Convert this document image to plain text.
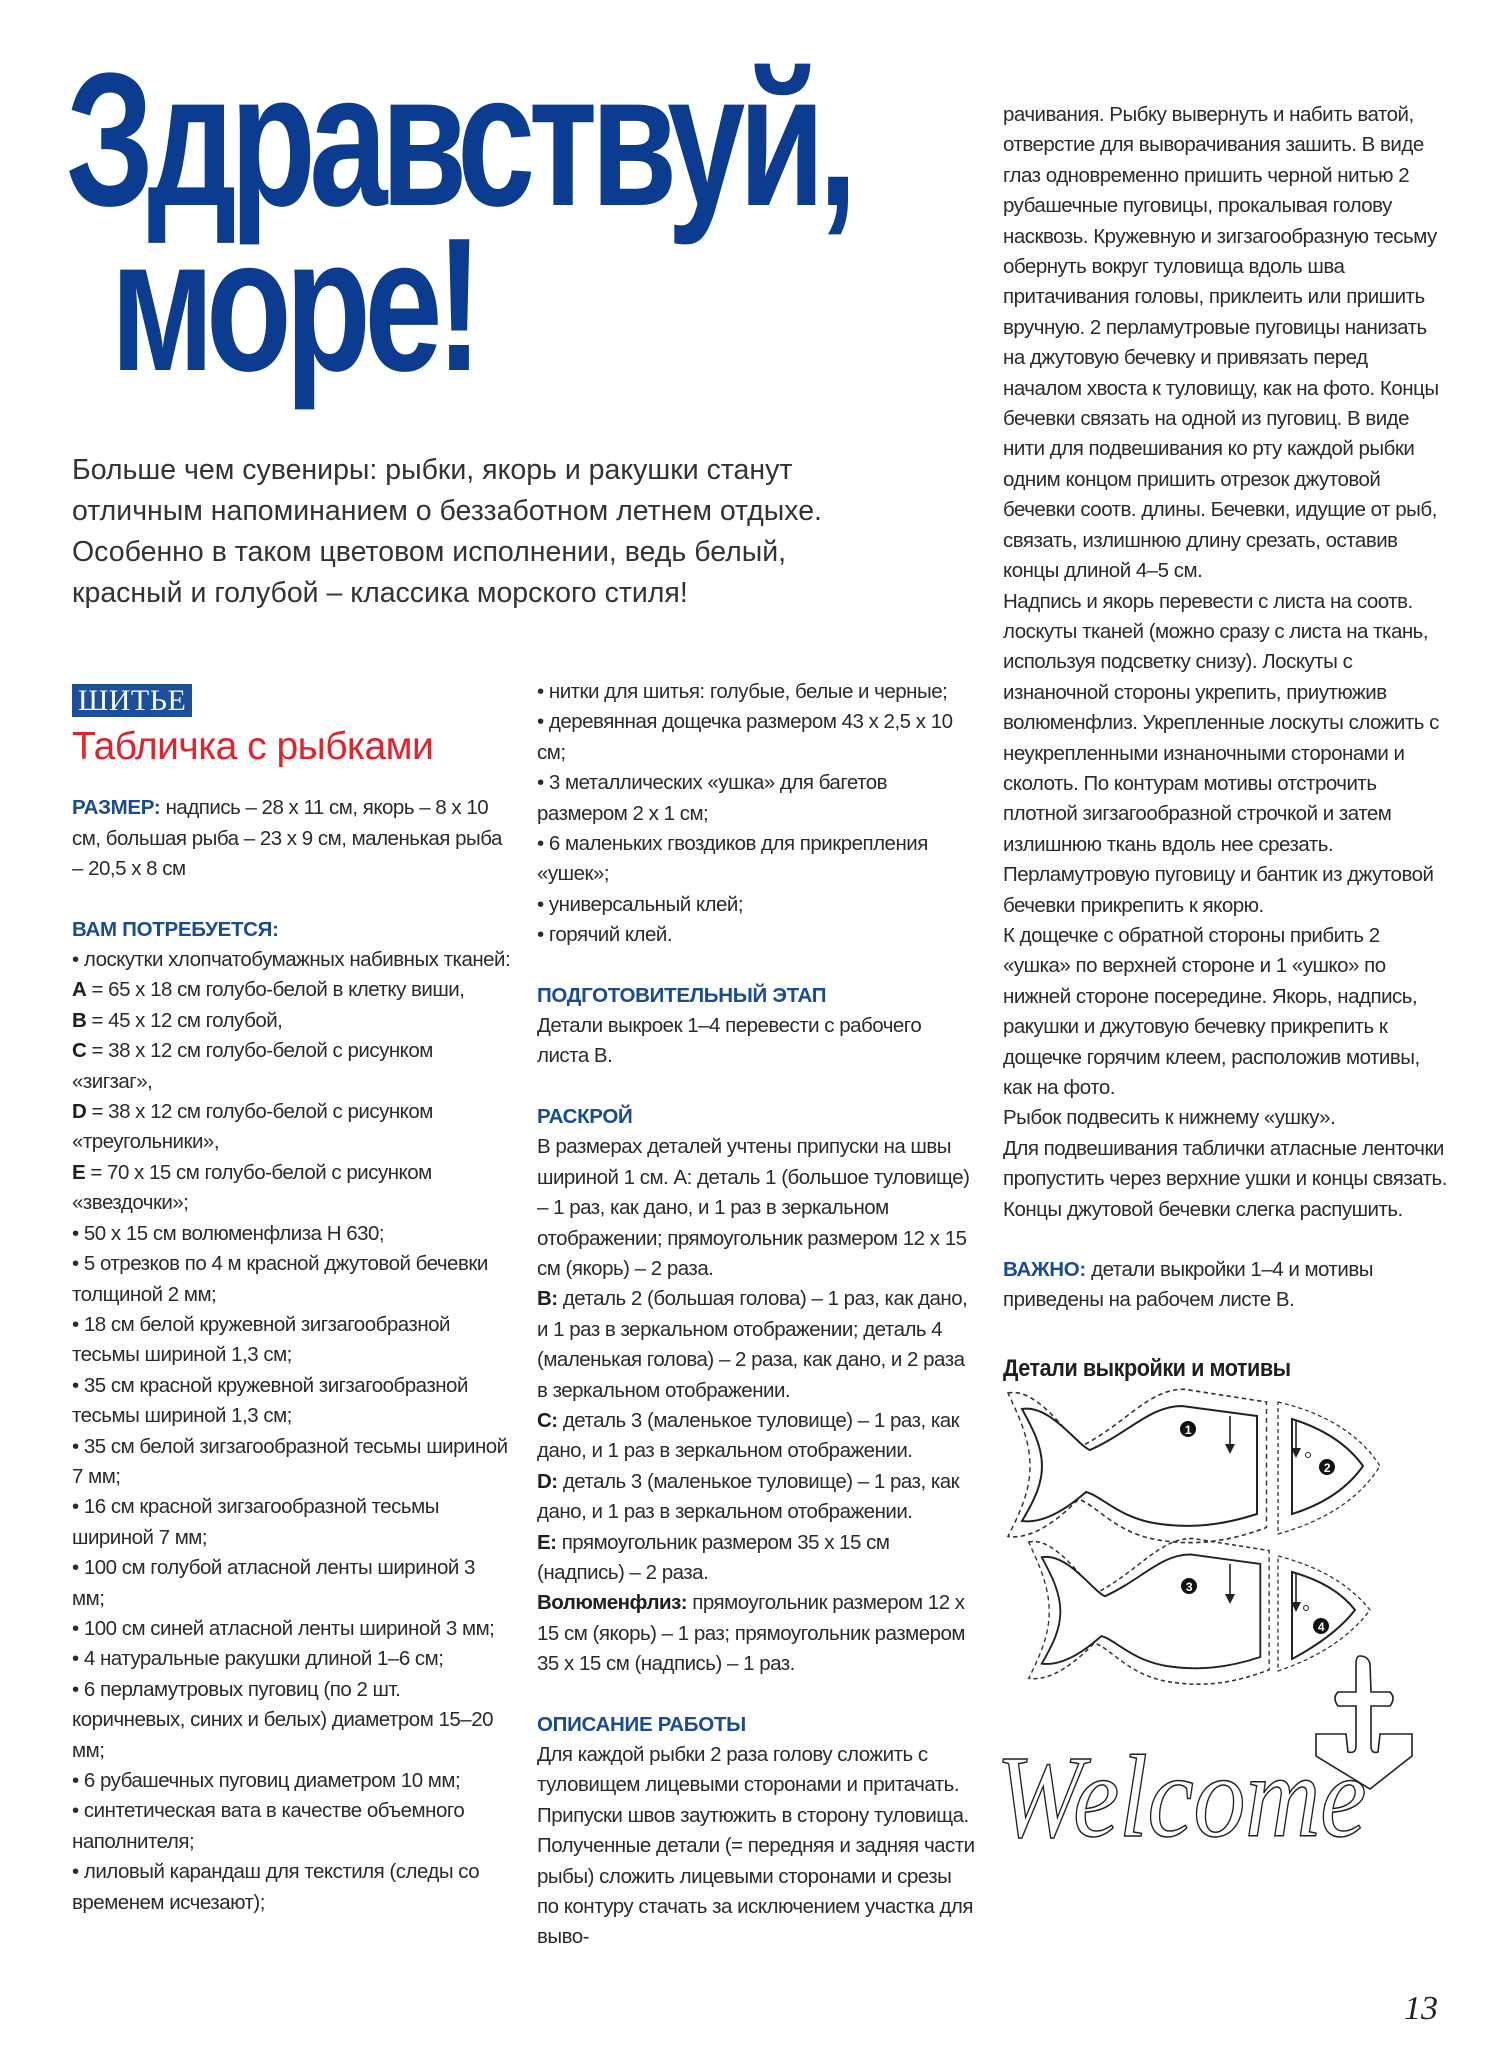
Здравствуй,
море!

Больше чем сувениры: рыбки, якорь и ракушки станут отличным напоминанием о беззаботном летнем отдыхе. Особенно в таком цветовом исполнении, ведь белый, красный и голубой – классика морского стиля!

ШИТЬЕ
Табличка с рыбками

РАЗМЕР: надпись – 28 х 11 см, якорь – 8 х 10 см, большая рыба – 23 х 9 см, маленькая рыба – 20,5 х 8 см

ВАМ ПОТРЕБУЕТСЯ:

• лоскутки хлопчатобумажных набивных тканей:

А = 65 х 18 см голубо-белой в клетку виши,

В = 45 х 12 см голубой,

С = 38 х 12 см голубо-белой с рисунком «зигзаг»,

D = 38 х 12 см голубо-белой с рисунком «треугольники»,

Е = 70 х 15 см голубо-белой с рисунком «звездочки»;

• 50 х 15 см волюменфлиза Н 630;

• 5 отрезков по 4 м красной джутовой бечевки толщиной 2 мм;

• 18 см белой кружевной зигзагообразной тесьмы шириной 1,3 см;

• 35 см красной кружевной зигзагообразной тесьмы шириной 1,3 см;

• 35 см белой зигзагообразной тесьмы шириной 7 мм;

• 16 см красной зигзагообразной тесьмы шириной 7 мм;

• 100 см голубой атласной ленты шириной 3 мм;

• 100 см синей атласной ленты шириной 3 мм;

• 4 натуральные ракушки длиной 1–6 см;

• 6 перламутровых пуговиц (по 2 шт. коричневых, синих и белых) диаметром 15–20 мм;

• 6 рубашечных пуговиц диаметром 10 мм;

• синтетическая вата в качестве объемного наполнителя;

• лиловый карандаш для текстиля (следы со временем исчезают);

• нитки для шитья: голубые, белые и черные;

• деревянная дощечка размером 43 х 2,5 х 10 см;

• 3 металлических «ушка» для багетов размером 2 х 1 см;

• 6 маленьких гвоздиков для прикрепления «ушек»;

• универсальный клей;

• горячий клей.

ПОДГОТОВИТЕЛЬНЫЙ ЭТАП

Детали выкроек 1–4 перевести с рабочего листа В.

РАСКРОЙ

В размерах деталей учтены припуски на швы шириной 1 см. А: деталь 1 (большое туловище) – 1 раз, как дано, и 1 раз в зеркальном отображении; прямоугольник размером 12 х 15 см (якорь) – 2 раза.

В: деталь 2 (большая голова) – 1 раз, как дано, и 1 раз в зеркальном отображении; деталь 4 (маленькая голова) – 2 раза, как дано, и 2 раза в зеркальном отображении.

С: деталь 3 (маленькое туловище) – 1 раз, как дано, и 1 раз в зеркальном отображении.

D: деталь 3 (маленькое туловище) – 1 раз, как дано, и 1 раз в зеркальном отображении.

Е: прямоугольник размером 35 х 15 см (надпись) – 2 раза.

Волюменфлиз: прямоугольник размером 12 х 15 см (якорь) – 1 раз; прямоугольник размером 35 х 15 см (надпись) – 1 раз.

ОПИСАНИЕ РАБОТЫ

Для каждой рыбки 2 раза голову сложить с туловищем лицевыми сторонами и притачать. Припуски швов заутюжить в сторону туловища. Полученные детали (= передняя и задняя части рыбы) сложить лицевыми сторонами и срезы по контуру стачать за исключением участка для выво-

рачивания. Рыбку вывернуть и набить ватой, отверстие для выворачивания зашить. В виде глаз одновременно пришить черной нитью 2 рубашечные пуговицы, прокалывая голову насквозь. Кружевную и зигзагообразную тесьму обернуть вокруг туловища вдоль шва притачивания головы, приклеить или пришить вручную. 2 перламутровые пуговицы нанизать на джутовую бечевку и привязать перед началом хвоста к туловищу, как на фото. Концы бечевки связать на одной из пуговиц. В виде нити для подвешивания ко рту каждой рыбки одним концом пришить отрезок джутовой бечевки соотв. длины. Бечевки, идущие от рыб, связать, излишнюю длину срезать, оставив концы длиной 4–5 см.

Надпись и якорь перевести с листа на соотв. лоскуты тканей (можно сразу с листа на ткань, используя подсветку снизу). Лоскуты с изнаночной стороны укрепить, приутюжив волюменфлиз. Укрепленные лоскуты сложить с неукрепленными изнаночными сторонами и сколоть. По контурам мотивы отстрочить плотной зигзагообразной строчкой и затем излишнюю ткань вдоль нее срезать.

Перламутровую пуговицу и бантик из джутовой бечевки прикрепить к якорю.

К дощечке с обратной стороны прибить 2 «ушка» по верхней стороне и 1 «ушко» по нижней стороне посередине. Якорь, надпись, ракушки и джутовую бечевку прикрепить к дощечке горячим клеем, расположив мотивы, как на фото.

Рыбок подвесить к нижнему «ушку».

Для подвешивания таблички атласные ленточки пропустить через верхние ушки и концы связать. Концы джутовой бечевки слегка распушить.

ВАЖНО: детали выкройки 1–4 и мотивы приведены на рабочем листе В.

Детали выкройки и мотивы
1
2
3
4
Welcome
13
